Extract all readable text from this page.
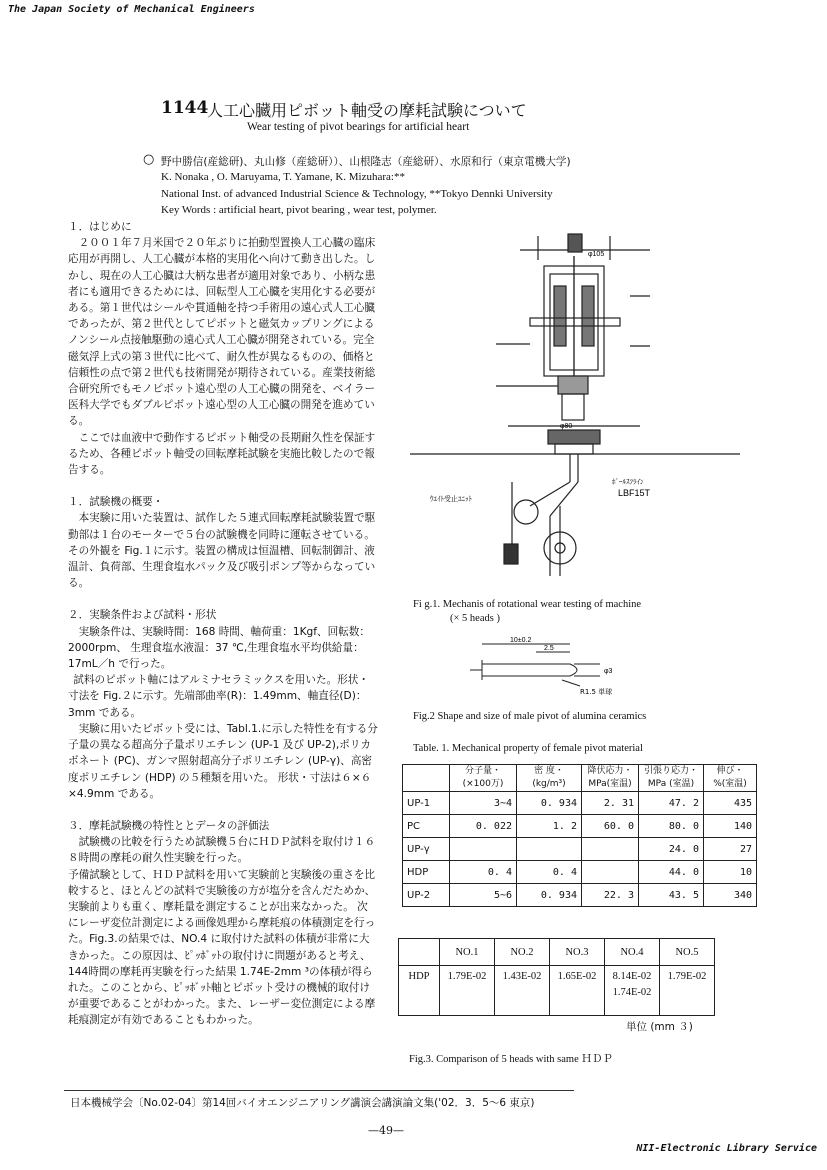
The Japan Society of Mechanical Engineers
NII-Electronic Library Service
日本機械学会〔No.02-04〕第14回バイオエンジニアリング講演会講演論文集('02．3．5～6 東京)
—49—
1144
人工心臓用ピボット軸受の摩耗試験について
Wear testing of pivot bearings for artificial heart
○ 野中勝信(産総研)、丸山修（産総研））、山根隆志（産総研）、水原和行（東京電機大学)
K. Nonaka , O. Maruyama, T. Yamane, K. Mizuhara:**
National Inst. of advanced Industrial Science & Technology, **Tokyo Dennki University
Key Words : artificial heart, pivot bearing , wear test, polymer.

１．はじめに

２００１年７月米国で２０年ぶりに拍動型置換人工心臓の臨床応用が再開し、人工心臓が本格的実用化へ向けて動き出した。しかし、現在の人工心臓は大柄な患者が適用対象であり、小柄な患者にも適用できるためには、回転型人工心臓を実用化する必要がある。第１世代はシールや貫通軸を持つ手術用の遠心式人工心臓であったが、第２世代としてピボットと磁気カップリングによるノンシール点接触駆動の遠心式人工心臓が開発されている。完全磁気浮上式の第３世代に比べて、耐久性が異なるものの、価格と信頼性の点で第２世代も技術開発が期待されている。産業技術総合研究所でもモノピボット遠心型の人工心臓の開発を、ベイラー医科大学でもダブルピボット遠心型の人工心臓の開発を進めている。

ここでは血液中で動作するピボット軸受の長期耐久性を保証するため、各種ピボット軸受の回転摩耗試験を実施比較したので報告する。

１．試験機の概要・

本実験に用いた装置は、試作した５連式回転摩耗試験装置で駆動部は１台のモーターで５台の試験機を同時に運転させている。その外観を Fig.１に示す。装置の構成は恒温槽、回転制御計、液温計、負荷部、生理食塩水パック及び吸引ポンプ等からなっている。

２．実験条件および試料・形状

実験条件は、実験時間：168 時間、軸荷重：1Kgf、回転数：2000rpm、 生理食塩水液温：37 ℃,生理食塩水平均供給量：17mL／h で行った。

試料のピボット軸にはアルミナセラミックスを用いた。形状・寸法を Fig.２に示す。先端部曲率(R)：1.49mm、軸直径(D)：3mm である。

実験に用いたピボット受には、Tabl.1.に示した特性を有する分子量の異なる超高分子量ポリエチレン (UP-1 及び UP-2),ポリカボネート (PC)、ガンマ照射超高分子ポリエチレン (UP-γ)、高密度ポリエチレン (HDP) の５種類を用いた。 形状・寸法は６×６×4.9mm である。

３．摩耗試験機の特性ととデータの評価法

試験機の比較を行うため試験機５台にＨＤＰ試料を取付け１６８時間の摩耗の耐久性実験を行った。

予備試験として、ＨＤＰ試料を用いて実験前と実験後の重さを比較すると、ほとんどの試料で実験後の方が塩分を含んだためか、実験前よりも重く、摩耗量を測定することが出来なかった。 次にレーザ変位計測定による画像処理から摩耗痕の体積測定を行った。Fig.3.の結果では、NO.4 に取付けた試料の体積が非常に大きかった。この原因は、ﾋﾟｯﾎﾞｯﾄの取付けに問題があると考え、144時間の摩耗再実験を行った結果 1.74E-2mm ³の体積が得られた。このことから、ﾋﾟｯﾎﾞｯﾄ軸とピボット受けの機械的取付けが重要であることがわかった。また、レーザー変位測定による摩耗痕測定が有効であることもわかった。

ﾎﾟｰﾙｽﾌﾗｲﾝ
LBF15T
ｳｴｲﾄ受止ﾕﾆｯﾄ
φ105
φ80
Fi g.1. Mechanis of rotational wear testing of machine
(× 5 heads )
10±0.2
2.5
φ3
R1.5 単球
Fig.2 Shape and size of male pivot of alumina ceramics
Table. 1. Mechanical property of female pivot material
	分子量・
(×100万)	密 度・
(kg/m³)	降伏応力・
MPa(室温)	引張り応力・
MPa (室温)	伸び・
%(室温)
UP-1	3~4	0. 934	2. 31	47. 2	435
PC	0. 022	1. 2	60. 0	80. 0	140
UP-γ				24. 0	27
HDP	0. 4	0. 4		44. 0	10
UP-2	5~6	0. 934	22. 3	43. 5	340
	NO.1	NO.2	NO.3	NO.4	NO.5
HDP	1.79E-02	1.43E-02	1.65E-02	8.14E-02
1.74E-02	1.79E-02
単位 (mm ３)
Fig.3. Comparison of 5 heads with same ＨＤＰ
